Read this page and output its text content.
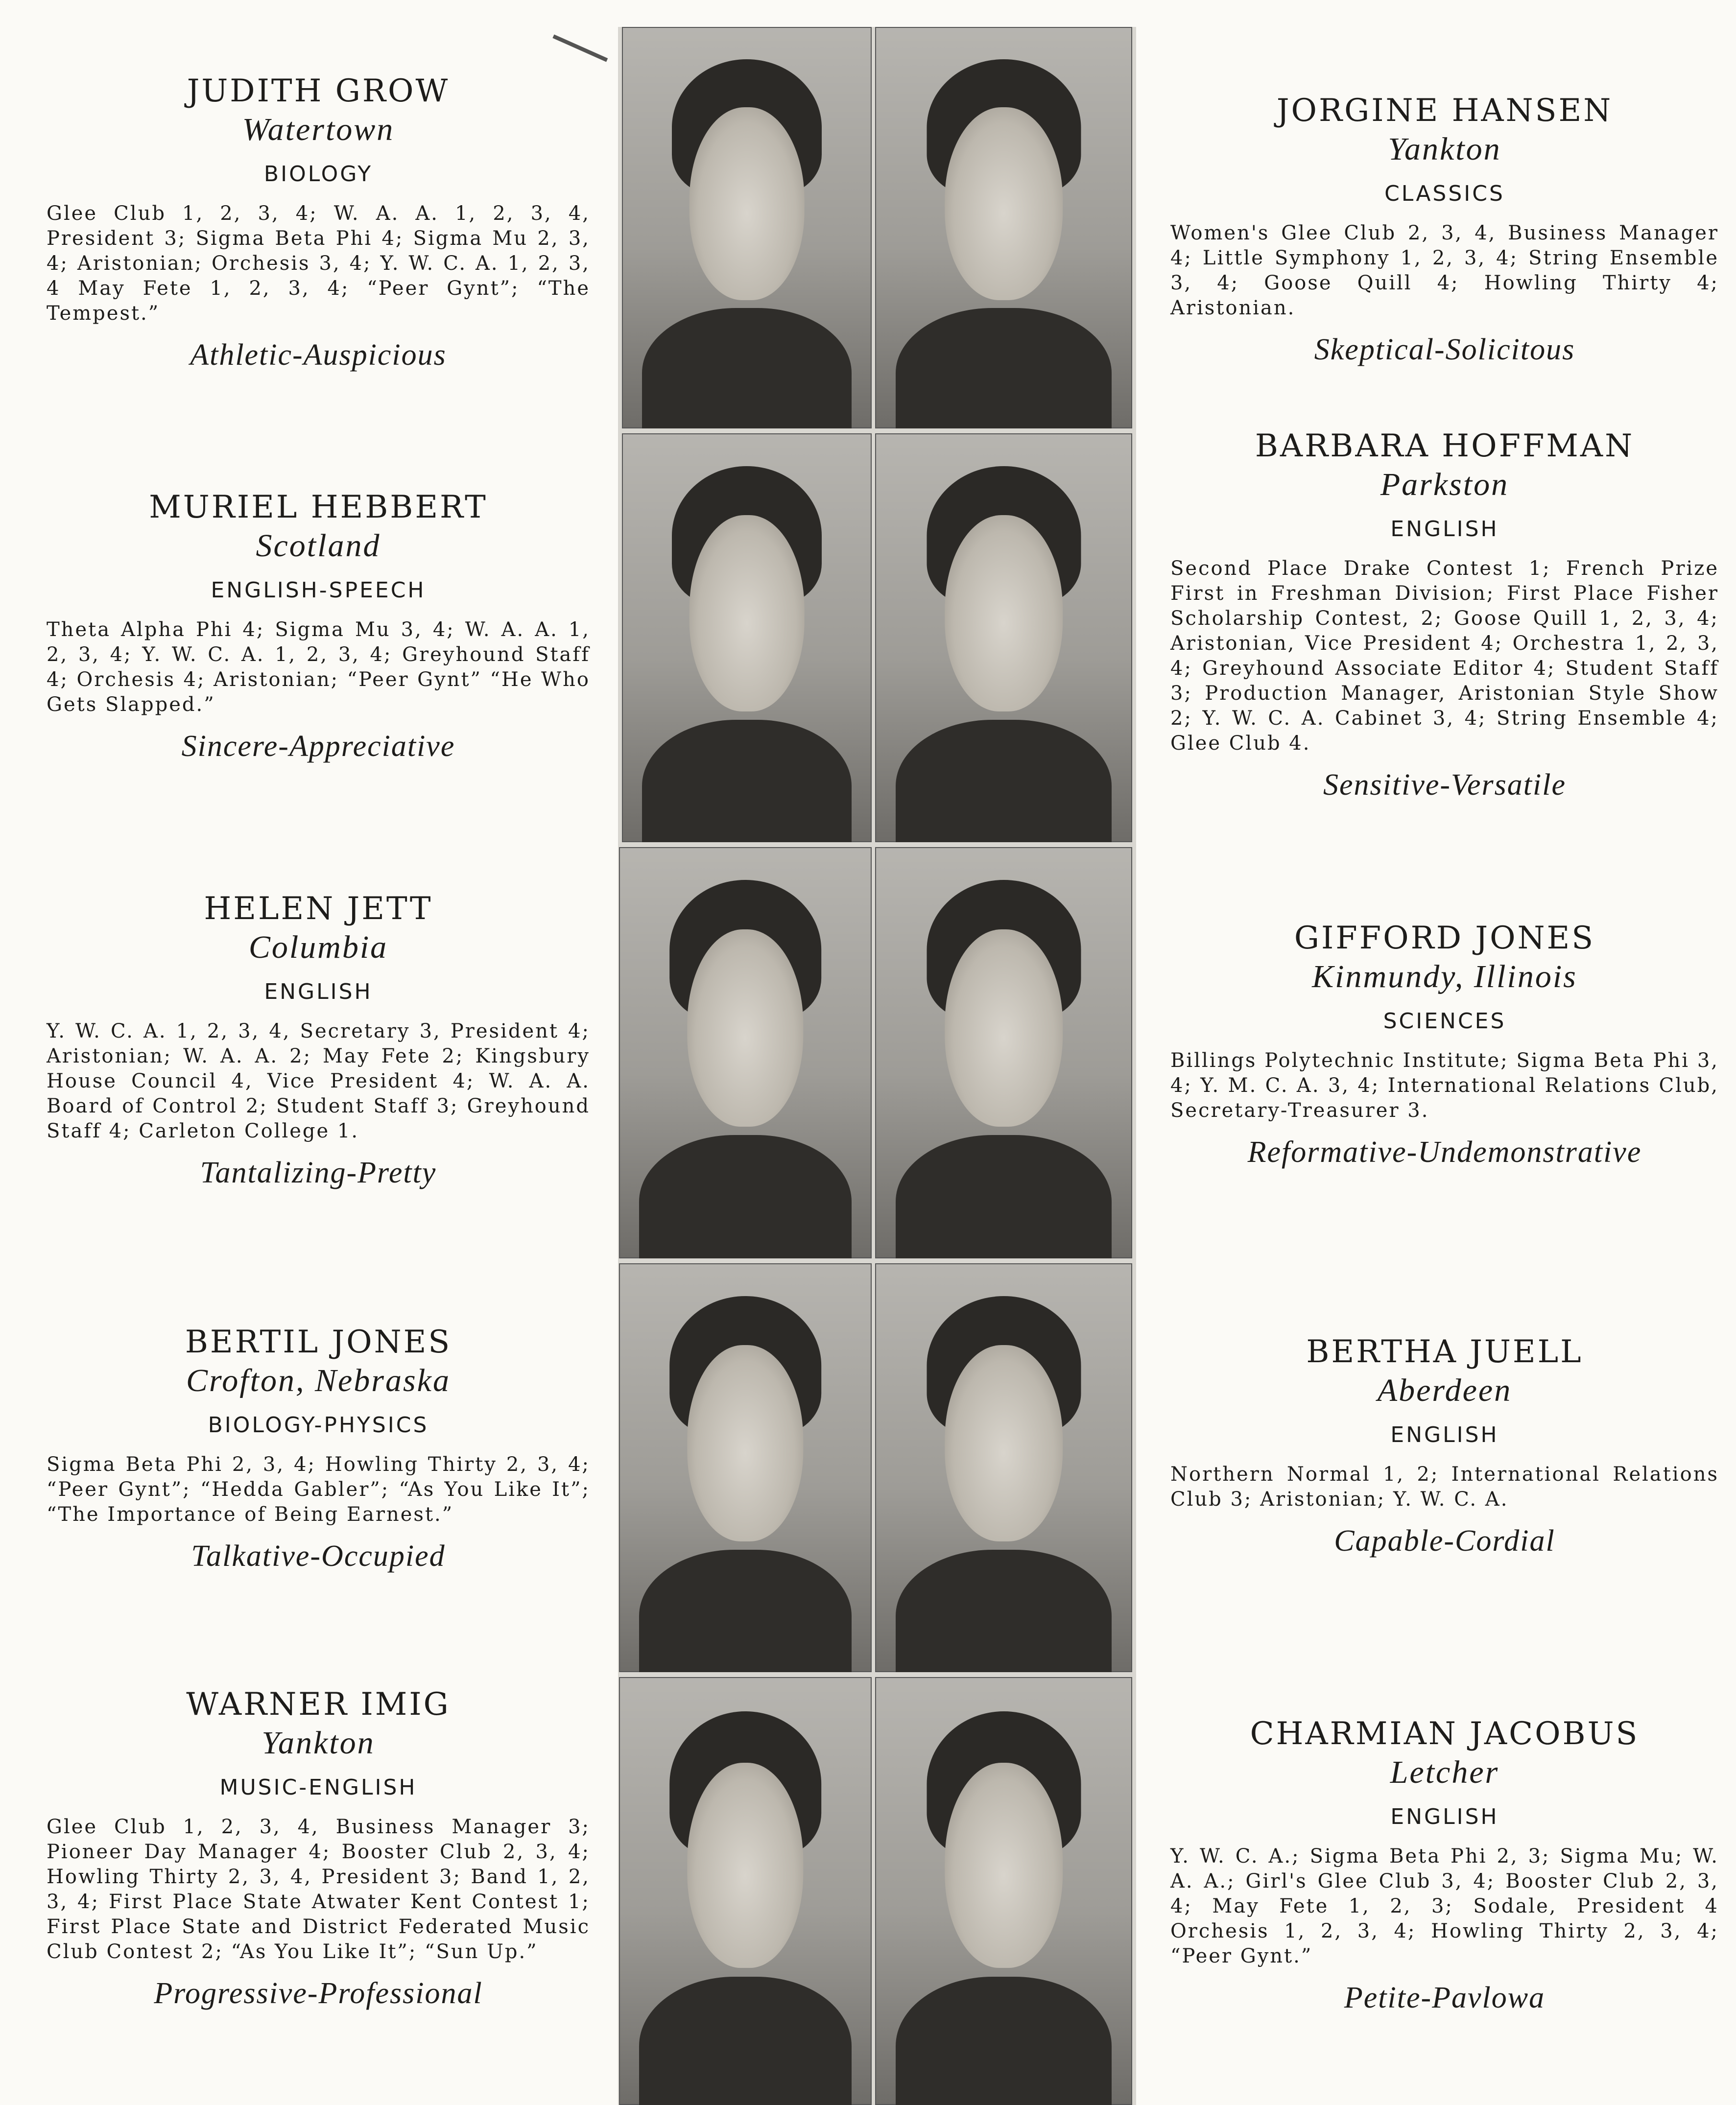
JUDITH GROW
Watertown
BIOLOGY
Glee Club 1, 2, 3, 4; W. A. A. 1, 2, 3, 4, President 3; Sigma Beta Phi 4; Sigma Mu 2, 3, 4; Aristonian; Orchesis 3, 4; Y. W. C. A. 1, 2, 3, 4 May Fete 1, 2, 3, 4; “Peer Gynt”; “The Tempest.”
Athletic-Auspicious
MURIEL HEBBERT
Scotland
ENGLISH-SPEECH
Theta Alpha Phi 4; Sigma Mu 3, 4; W. A. A. 1, 2, 3, 4; Y. W. C. A. 1, 2, 3, 4; Greyhound Staff 4; Orchesis 4; Aristonian; “Peer Gynt” “He Who Gets Slapped.”
Sincere-Appreciative
HELEN JETT
Columbia
ENGLISH
Y. W. C. A. 1, 2, 3, 4, Secretary 3, President 4; Aristonian; W. A. A. 2; May Fete 2; Kingsbury House Council 4, Vice President 4; W. A. A. Board of Control 2; Student Staff 3; Greyhound Staff 4; Carleton College 1.
Tantalizing-Pretty
BERTIL JONES
Crofton, Nebraska
BIOLOGY-PHYSICS
Sigma Beta Phi 2, 3, 4; Howling Thirty 2, 3, 4; “Peer Gynt”; “Hedda Gabler”; “As You Like It”; “The Importance of Being Earnest.”
Talkative-Occupied
WARNER IMIG
Yankton
MUSIC-ENGLISH
Glee Club 1, 2, 3, 4, Business Manager 3; Pioneer Day Manager 4; Booster Club 2, 3, 4; Howling Thirty 2, 3, 4, President 3; Band 1, 2, 3, 4; First Place State Atwater Kent Contest 1; First Place State and District Federated Music Club Contest 2; “As You Like It”; “Sun Up.”
Progressive-Professional
JORGINE HANSEN
Yankton
CLASSICS
Women's Glee Club 2, 3, 4, Business Manager 4; Little Symphony 1, 2, 3, 4; String Ensemble 3, 4; Goose Quill 4; Howling Thirty 4; Aristonian.
Skeptical-Solicitous
BARBARA HOFFMAN
Parkston
ENGLISH
Second Place Drake Contest 1; French Prize First in Freshman Division; First Place Fisher Scholarship Contest, 2; Goose Quill 1, 2, 3, 4; Aristonian, Vice President 4; Orchestra 1, 2, 3, 4; Greyhound Associate Editor 4; Student Staff 3; Production Manager, Aristonian Style Show 2; Y. W. C. A. Cabinet 3, 4; String Ensemble 4; Glee Club 4.
Sensitive-Versatile
GIFFORD JONES
Kinmundy, Illinois
SCIENCES
Billings Polytechnic Institute; Sigma Beta Phi 3, 4; Y. M. C. A. 3, 4; International Relations Club, Secretary-Treasurer 3.
Reformative-Undemonstrative
BERTHA JUELL
Aberdeen
ENGLISH
Northern Normal 1, 2; International Relations Club 3; Aristonian; Y. W. C. A.
Capable-Cordial
CHARMIAN JACOBUS
Letcher
ENGLISH
Y. W. C. A.; Sigma Beta Phi 2, 3; Sigma Mu; W. A. A.; Girl's Glee Club 3, 4; Booster Club 2, 3, 4; May Fete 1, 2, 3; Sodale, President 4 Orchesis 1, 2, 3, 4; Howling Thirty 2, 3, 4; “Peer Gynt.”
Petite-Pavlowa
